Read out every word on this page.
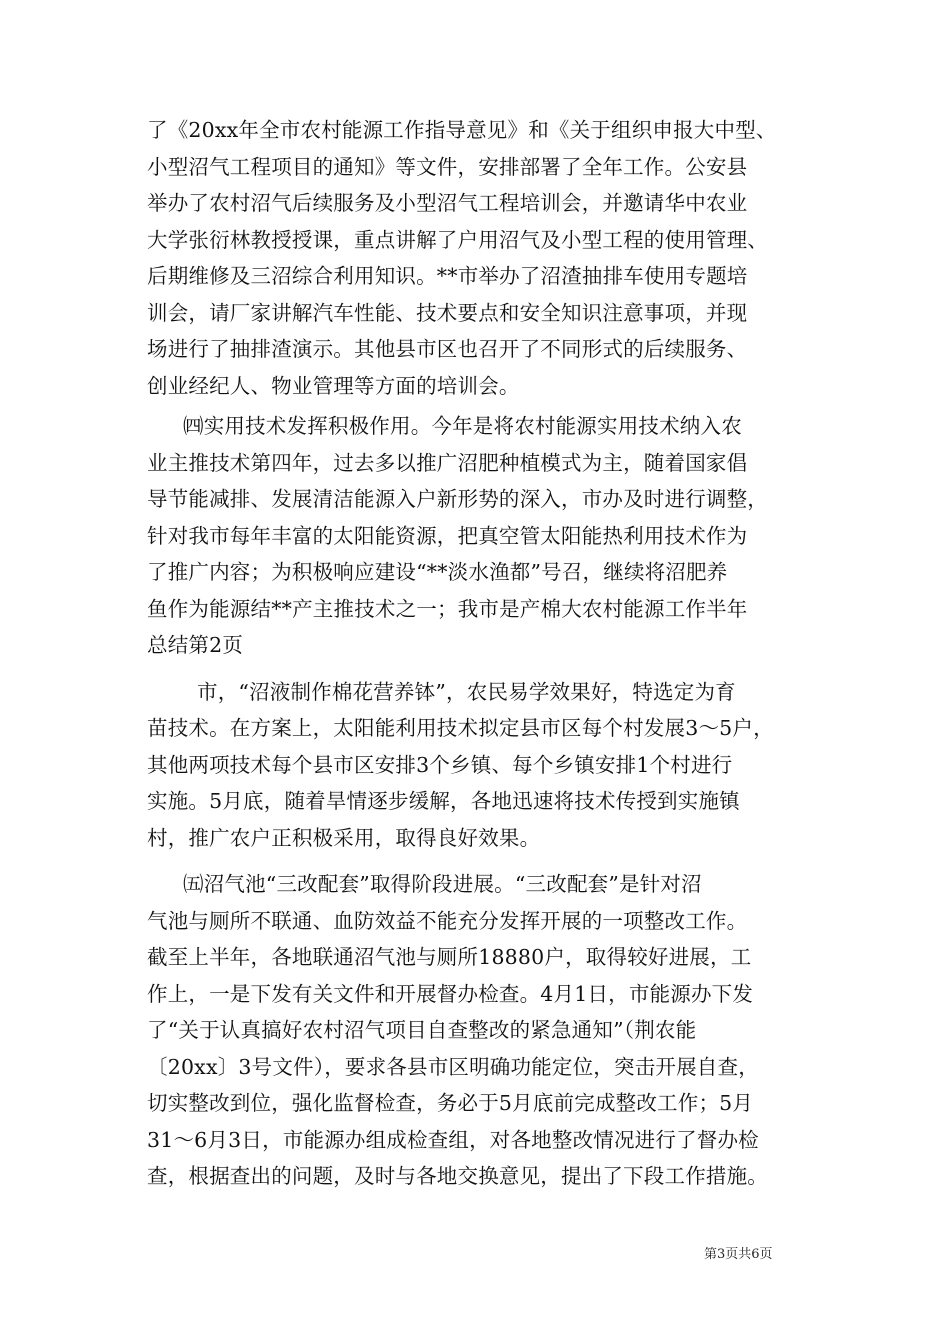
了《20xx年全市农村能源工作指导意见》和《关于组织申报大中型、
小型沼气工程项目的通知》等文件，安排部署了全年工作。公安县
举办了农村沼气后续服务及小型沼气工程培训会，并邀请华中农业
大学张衍林教授授课，重点讲解了户用沼气及小型工程的使用管理、
后期维修及三沼综合利用知识。**市举办了沼渣抽排车使用专题培
训会，请厂家讲解汽车性能、技术要点和安全知识注意事项，并现
场进行了抽排渣演示。其他县市区也召开了不同形式的后续服务、
创业经纪人、物业管理等方面的培训会。
㈣实用技术发挥积极作用。今年是将农村能源实用技术纳入农
业主推技术第四年，过去多以推广沼肥种植模式为主，随着国家倡
导节能减排、发展清洁能源入户新形势的深入，市办及时进行调整，
针对我市每年丰富的太阳能资源，把真空管太阳能热利用技术作为
了推广内容；为积极响应建设“**淡水渔都”号召，继续将沼肥养
鱼作为能源结**产主推技术之一；我市是产棉大农村能源工作半年
总结第2页
市，“沼液制作棉花营养钵”，农民易学效果好，特选定为育
苗技术。在方案上，太阳能利用技术拟定县市区每个村发展3～5户，
其他两项技术每个县市区安排3个乡镇、每个乡镇安排1个村进行
实施。5月底，随着旱情逐步缓解，各地迅速将技术传授到实施镇
村，推广农户正积极采用，取得良好效果。
㈤沼气池“三改配套”取得阶段进展。“三改配套”是针对沼
气池与厕所不联通、血防效益不能充分发挥开展的一项整改工作。
截至上半年，各地联通沼气池与厕所18880户，取得较好进展，工
作上，一是下发有关文件和开展督办检查。4月1日，市能源办下发
了“关于认真搞好农村沼气项目自查整改的紧急通知”（荆农能
〔20xx〕3号文件），要求各县市区明确功能定位，突击开展自查，
切实整改到位，强化监督检查，务必于5月底前完成整改工作；5月
31～6月3日，市能源办组成检查组，对各地整改情况进行了督办检
查，根据查出的问题，及时与各地交换意见，提出了下段工作措施。
第3页共6页
